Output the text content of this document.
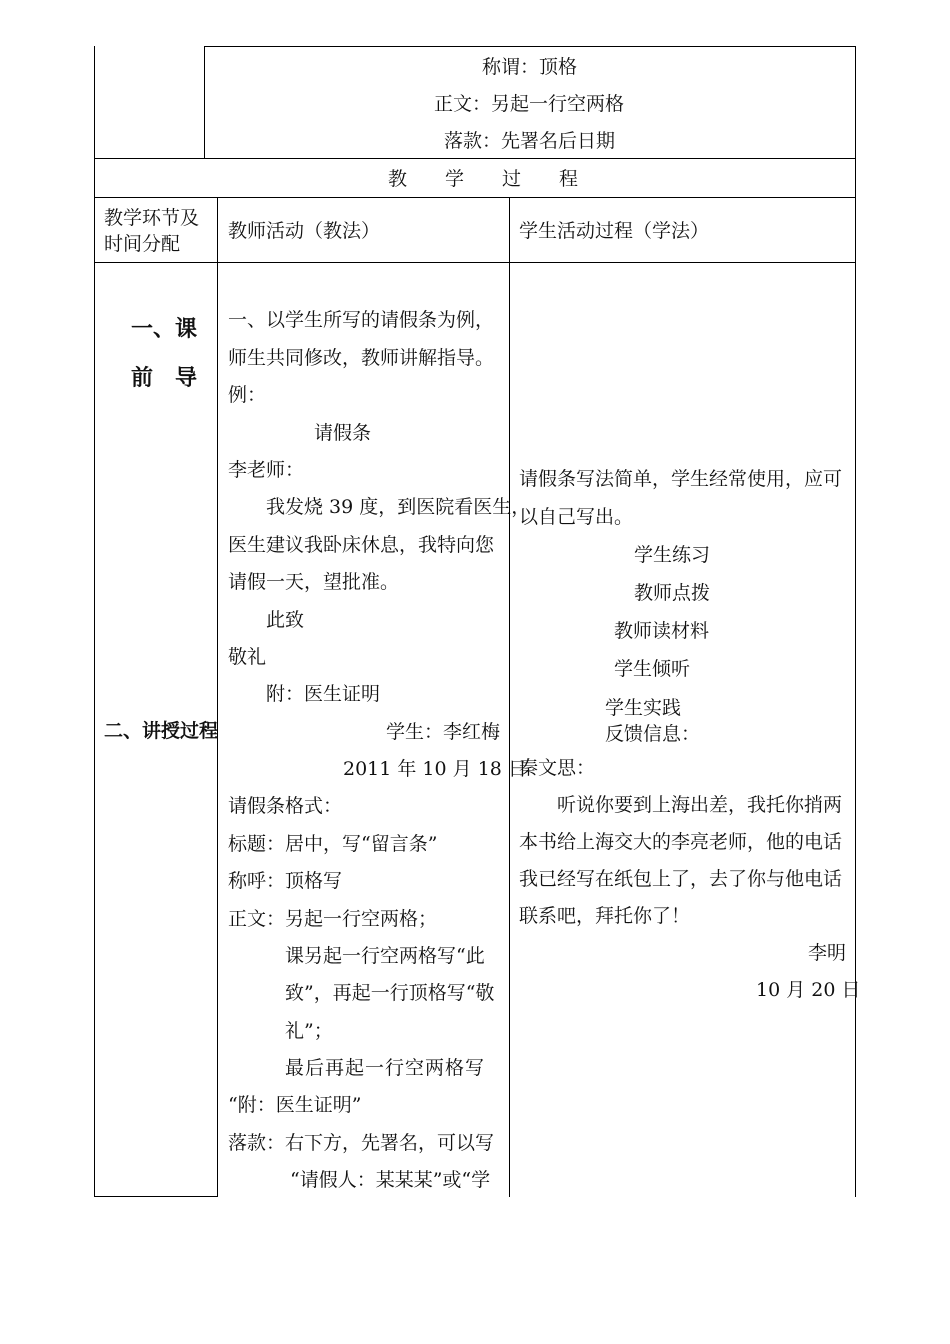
称谓：顶格
正文：另起一行空两格
落款：先署名后日期
教　　学　　过　　程
教学环节及
时间分配
教师活动（教法）	学生活动过程（学法）
一、课
前　导
二、讲授过程
一、以学生所写的请假条为例，
师生共同修改，教师讲解指导。
例：
请假条
李老师：
我发烧 39 度，到医院看医生，
医生建议我卧床休息，我特向您
请假一天，望批准。
此致
敬礼
附：医生证明
学生：李红梅
2011 年 10 月 18 日
请假条格式：
标题：居中，写“留言条”
称呼：顶格写
正文：另起一行空两格；
课另起一行空两格写“此
致”，再起一行顶格写“敬
礼”；
最后再起一行空两格写
“附：医生证明”
落款：右下方，先署名，可以写
“请假人：某某某”或“学
请假条写法简单，学生经常使用，应可
以自己写出。
学生练习
教师点拨
教师读材料
学生倾听
学生实践
反馈信息：
秦文思：
听说你要到上海出差，我托你捎两
本书给上海交大的李亮老师，他的电话
我已经写在纸包上了，去了你与他电话
联系吧，拜托你了！
李明
10 月 20 日
